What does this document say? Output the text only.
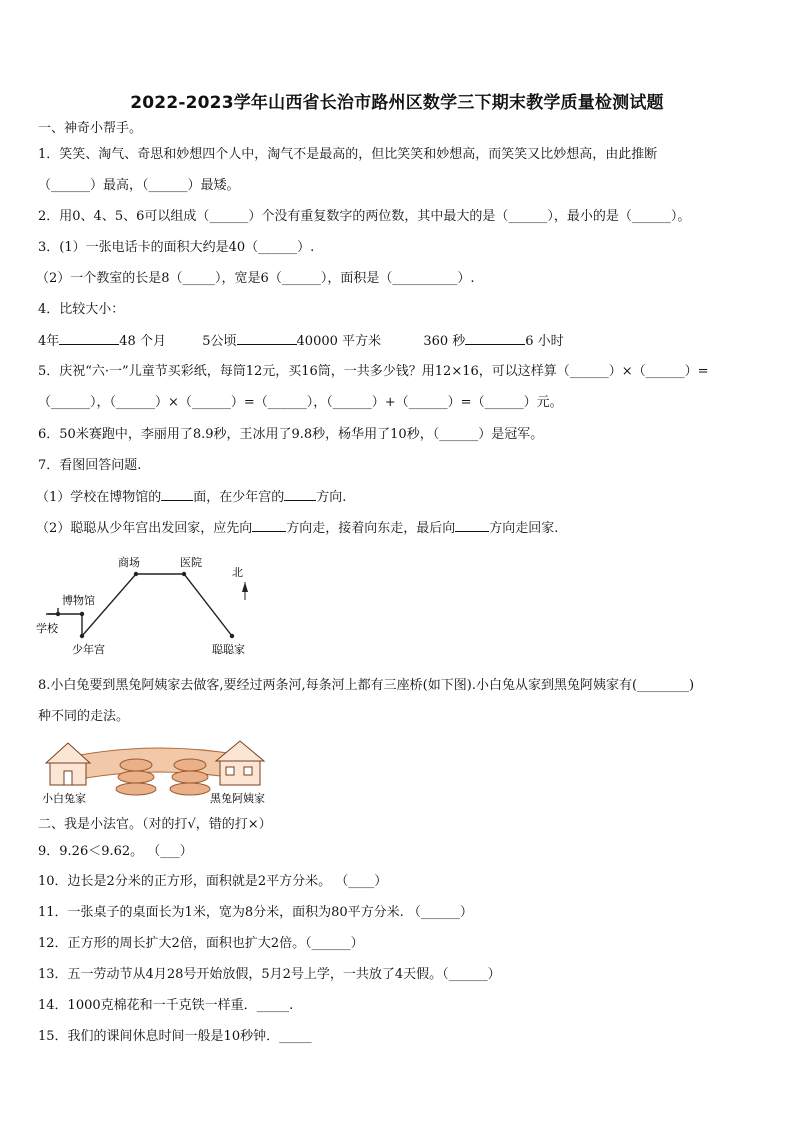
2022-2023学年山西省长治市路州区数学三下期末教学质量检测试题
一、神奇小帮手。
1．笑笑、淘气、奇思和妙想四个人中，淘气不是最高的，但比笑笑和妙想高，而笑笑又比妙想高，由此推断
（______）最高，（______）最矮。
2．用0、4、5、6可以组成（______）个没有重复数字的两位数，其中最大的是（______），最小的是（______）。
3．(1）一张电话卡的面积大约是40（______）.
（2）一个教室的长是8（_____），宽是6（______），面积是（__________）.
4．比较大小：
4年	48 个月	5公顷	40000 平方米	360 秒	6 小时
5．庆祝“六·一”儿童节买彩纸，每筒12元，买16筒，一共多少钱？用12×16，可以这样算（______）×（______）=
（______），（______）×（______）=（______），（______）+（______）=（______）元。
6．50米赛跑中，李丽用了8.9秒，王冰用了9.8秒，杨华用了10秒，（______）是冠军。
7．看图回答问题.
（1）学校在博物馆的 面，在少年宫的 方向.
（2）聪聪从少年宫出发回家，应先向	方向走，接着向东走，最后向	方向走回家.
商场	医院
北
博物馆
学校
少年宫	聪聪家
8.小白兔要到黑兔阿姨家去做客,要经过两条河,每条河上都有三座桥(如下图).小白兔从家到黑兔阿姨家有(________)
种不同的走法。
小白兔家	黑兔阿姨家
二、我是小法官。（对的打√，错的打×）
9．9.26＜9.62。 （___）
10．边长是2分米的正方形，面积就是2平方分米。 （____）
11．一张桌子的桌面长为1米，宽为8分米，面积为80平方分米. （______）
12．正方形的周长扩大2倍，面积也扩大2倍。（______）
13．五一劳动节从4月28号开始放假，5月2号上学，一共放了4天假。（______）
14．1000克棉花和一千克铁一样重．_____.
15．我们的课间休息时间一般是10秒钟．_____
